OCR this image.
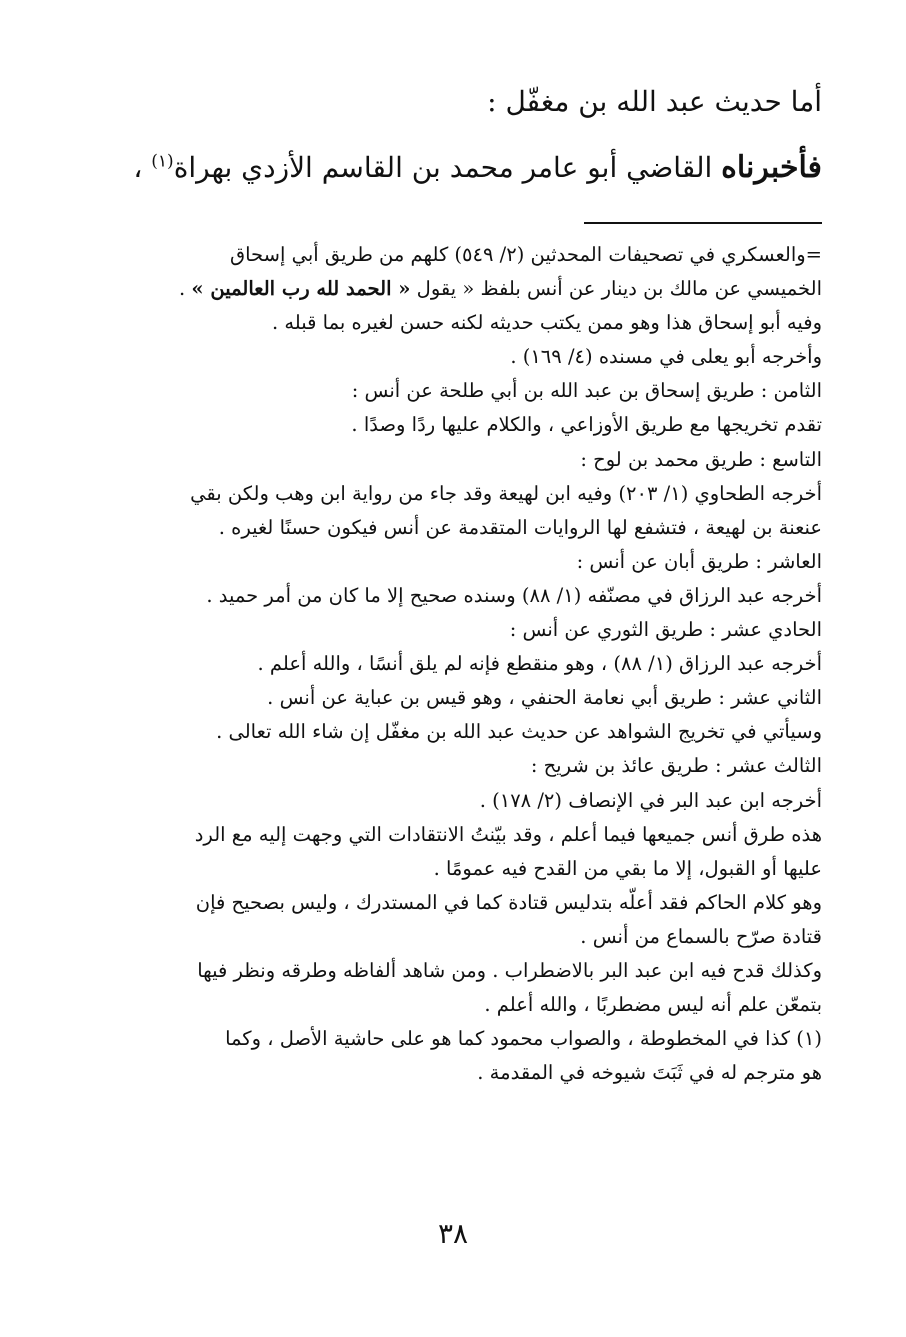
أما حديث عبد الله بن مغفّل :
فأخبرناه القاضي أبو عامر محمد بن القاسم الأزدي بهراة$^{(١)}$ ،
=والعسكري في تصحيفات المحدثين (٢/ ٥٤٩) كلهم من طريق أبي إسحاق
الخميسي عن مالك بن دينار عن أنس بلفظ « يقول « الحمد لله رب العالمين » .
وفيه أبو إسحاق هذا وهو ممن يكتب حديثه لكنه حسن لغيره بما قبله .
وأخرجه أبو يعلى في مسنده (٤/ ١٦٩) .
الثامن : طريق إسحاق بن عبد الله بن أبي طلحة عن أنس :
تقدم تخريجها مع طريق الأوزاعي ، والكلام عليها ردًا وصدًا .
التاسع : طريق محمد بن لوح :
أخرجه الطحاوي (١/ ٢٠٣) وفيه ابن لهيعة وقد جاء من رواية ابن وهب ولكن بقي
عنعنة بن لهيعة ، فتشفع لها الروايات المتقدمة عن أنس فيكون حسنًا لغيره .
العاشر : طريق أبان عن أنس :
أخرجه عبد الرزاق في مصنّفه (١/ ٨٨) وسنده صحيح إلا ما كان من أمر حميد .
الحادي عشر : طريق الثوري عن أنس :
أخرجه عبد الرزاق (١/ ٨٨) ، وهو منقطع فإنه لم يلق أنسًا ، والله أعلم .
الثاني عشر : طريق أبي نعامة الحنفي ، وهو قيس بن عباية عن أنس .
وسيأتي في تخريج الشواهد عن حديث عبد الله بن مغفّل إن شاء الله تعالى .
الثالث عشر : طريق عائذ بن شريح :
أخرجه ابن عبد البر في الإنصاف (٢/ ١٧٨) .
هذه طرق أنس جميعها فيما أعلم ، وقد بيّنتُ الانتقادات التي وجهت إليه مع الرد
عليها أو القبول، إلا ما بقي من القدح فيه عمومًا .
وهو كلام الحاكم فقد أعلّه بتدليس قتادة كما في المستدرك ، وليس بصحيح فإن
قتادة صرّح بالسماع من أنس .
وكذلك قدح فيه ابن عبد البر بالاضطراب . ومن شاهد ألفاظه وطرقه ونظر فيها
بتمعّن علم أنه ليس مضطربًا ، والله أعلم .
(١) كذا في المخطوطة ، والصواب محمود كما هو على حاشية الأصل ، وكما
هو مترجم له في ثَبَتَ شيوخه في المقدمة .
٣٨
